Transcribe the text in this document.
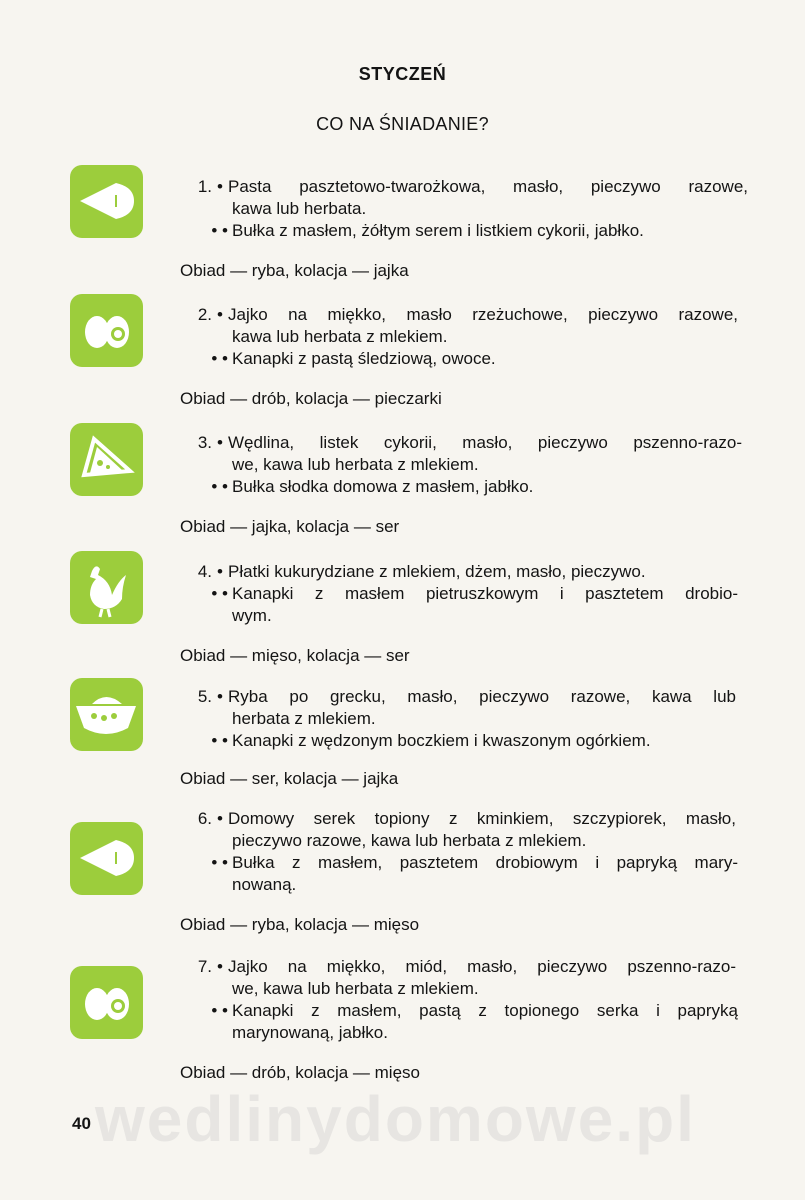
STYCZEŃ
CO NA ŚNIADANIE?
1. • Pasta pasztetowo-twarożkowa, masło, pieczywo razowe,
kawa lub herbata.
• • Bułka z masłem, żółtym serem i listkiem cykorii, jabłko.
Obiad — ryba, kolacja — jajka
2. • Jajko na miękko, masło rzeżuchowe, pieczywo razowe,
kawa lub herbata z mlekiem.
• • Kanapki z pastą śledziową, owoce.
Obiad — drób, kolacja — pieczarki
3. • Wędlina, listek cykorii, masło, pieczywo pszenno-razo-
we, kawa lub herbata z mlekiem.
• • Bułka słodka domowa z masłem, jabłko.
Obiad — jajka, kolacja — ser
4. • Płatki kukurydziane z mlekiem, dżem, masło, pieczywo.
• • Kanapki z masłem pietruszkowym i pasztetem drobio-
wym.
Obiad — mięso, kolacja — ser
5. • Ryba po grecku, masło, pieczywo razowe, kawa lub
herbata z mlekiem.
• • Kanapki z wędzonym boczkiem i kwaszonym ogórkiem.
Obiad — ser, kolacja — jajka
6. • Domowy serek topiony z kminkiem, szczypiorek, masło,
pieczywo razowe, kawa lub herbata z mlekiem.
• • Bułka z masłem, pasztetem drobiowym i papryką mary-
nowaną.
Obiad — ryba, kolacja — mięso
7. • Jajko na miękko, miód, masło, pieczywo pszenno-razo-
we, kawa lub herbata z mlekiem.
• • Kanapki z masłem, pastą z topionego serka i papryką
marynowaną, jabłko.
Obiad — drób, kolacja — mięso
wedlinydomowe.pl
40
